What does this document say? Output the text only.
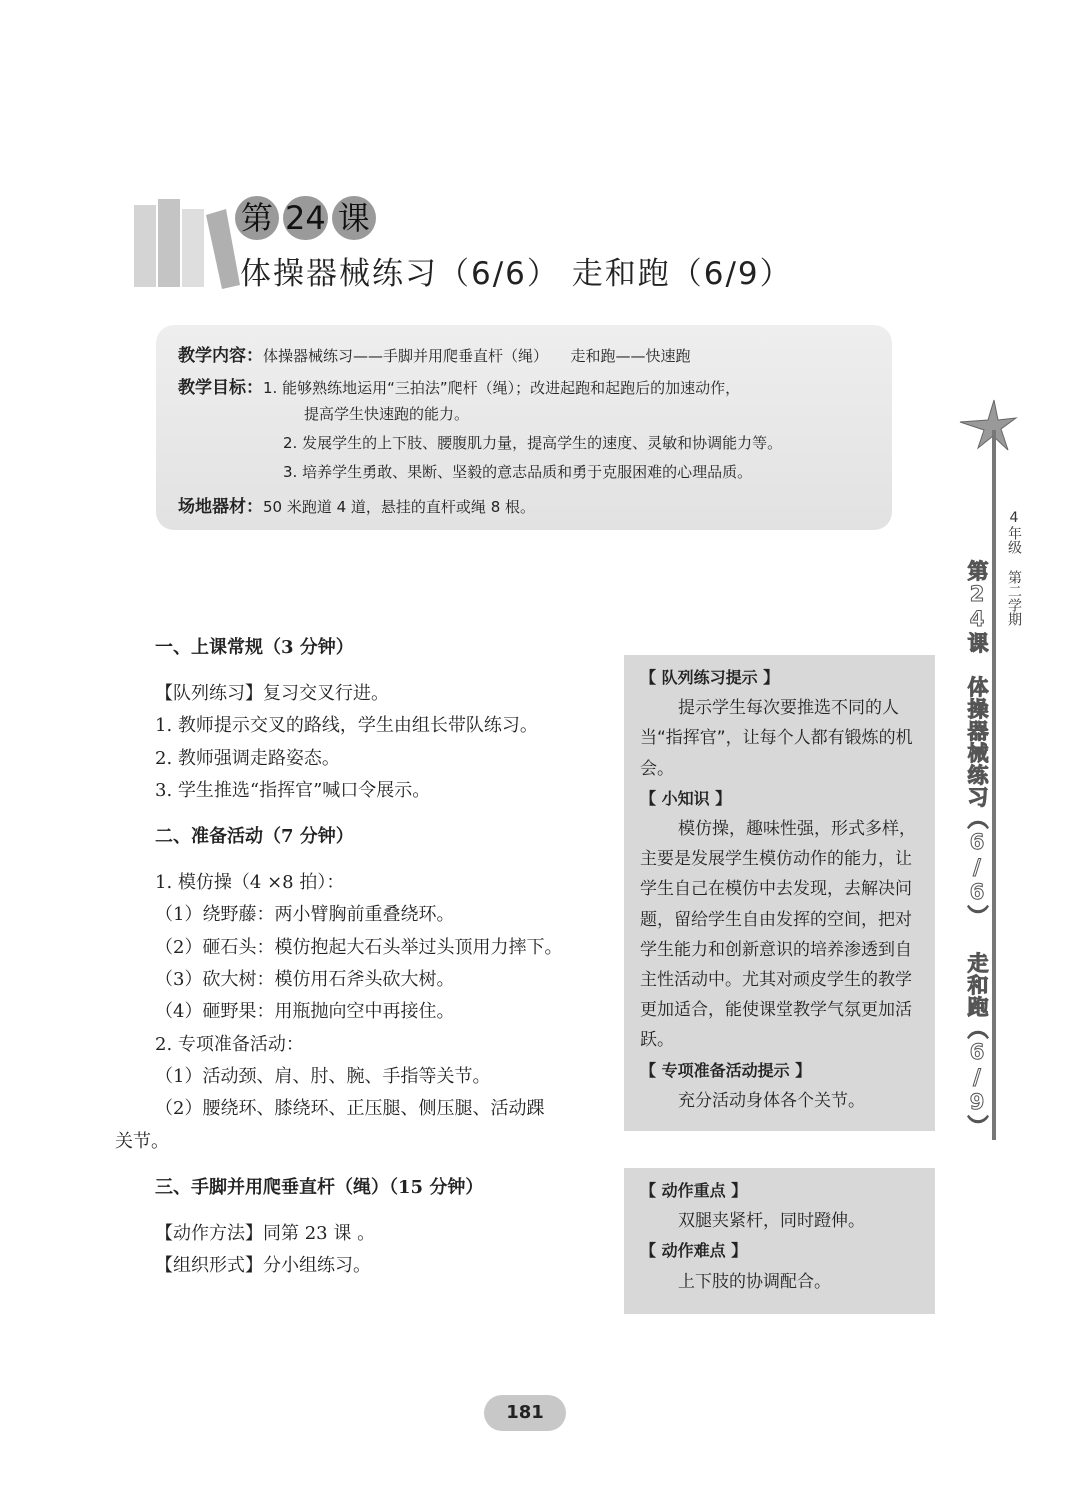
第 24 课
体操器械练习（6/6） 走和跑（6/9）
教学内容：体操器械练习——手脚并用爬垂直杆（绳）　　走和跑——快速跑
教学目标：1. 能够熟练地运用“三拍法”爬杆（绳）；改进起跑和起跑后的加速动作，
提高学生快速跑的能力。
2. 发展学生的上下肢、腰腹肌力量，提高学生的速度、灵敏和协调能力等。
3. 培养学生勇敢、果断、坚毅的意志品质和勇于克服困难的心理品质。
场地器材：50 米跑道 4 道，悬挂的直杆或绳 8 根。
一、上课常规（3 分钟）

【队列练习】复习交叉行进。

1. 教师提示交叉的路线，学生由组长带队练习。

2. 教师强调走路姿态。

3. 学生推选“指挥官”喊口令展示。

二、准备活动（7 分钟）

1. 模仿操（4 ×8 拍）：

（1）绕野藤：两小臂胸前重叠绕环。

（2）砸石头：模仿抱起大石头举过头顶用力摔下。

（3）砍大树：模仿用石斧头砍大树。

（4）砸野果：用瓶抛向空中再接住。

2. 专项准备活动：

（1）活动颈、肩、肘、腕、手指等关节。

（2）腰绕环、膝绕环、正压腿、侧压腿、活动踝

关节。

三、手脚并用爬垂直杆（绳）（15 分钟）

【动作方法】同第 23 课 。

【组织形式】分小组练习。

【 队列练习提示 】

提示学生每次要推选不同的人当“指挥官”，让每个人都有锻炼的机会。

【 小知识 】

模仿操，趣味性强，形式多样，主要是发展学生模仿动作的能力，让学生自己在模仿中去发现，去解决问题，留给学生自由发挥的空间，把对学生能力和创新意识的培养渗透到自主性活动中。尤其对顽皮学生的教学更加适合，能使课堂教学气氛更加活跃。

【 专项准备活动提示 】

充分活动身体各个关节。

【 动作重点 】

双腿夹紧杆，同时蹬伸。

【 动作难点 】

上下肢的协调配合。

4年级 第二学期
第24课　体操器械练习（6/6） 走和跑（6/9）
181
